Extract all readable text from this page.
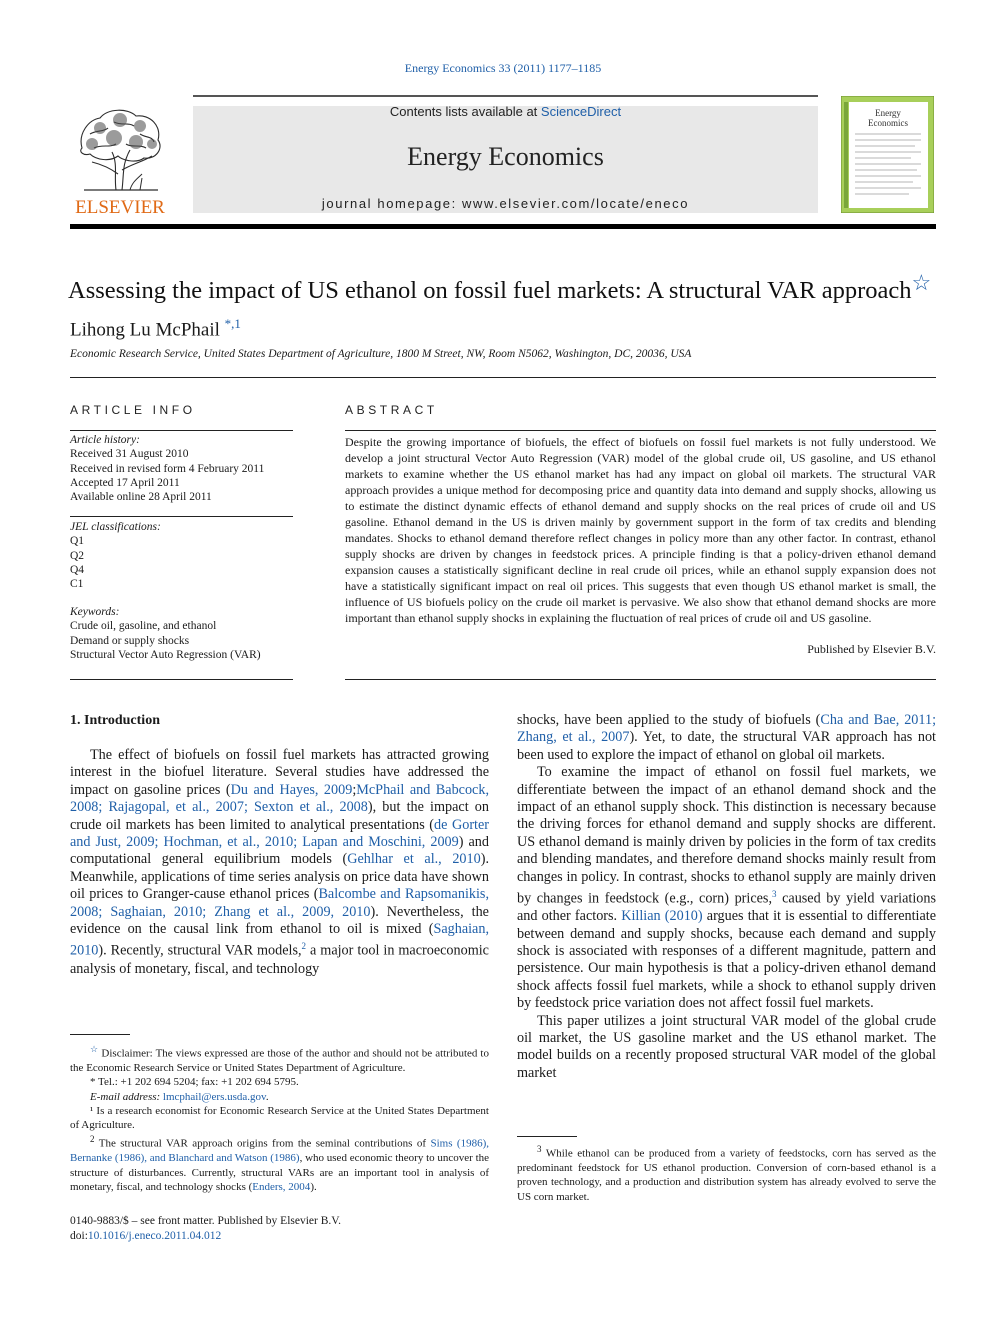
Energy Economics 33 (2011) 1177–1185
Contents lists available at ScienceDirect
Energy Economics
journal homepage: www.elsevier.com/locate/eneco
ELSEVIER
Energy
Economics
Assessing the impact of US ethanol on fossil fuel markets: A structural VAR approach☆
Lihong Lu McPhail $^{*,1}$
Economic Research Service, United States Department of Agriculture, 1800 M Street, NW, Room N5062, Washington, DC, 20036, USA
ARTICLE INFO	ABSTRACT
Article history:
Received 31 August 2010
Received in revised form 4 February 2011
Accepted 17 April 2011
Available online 28 April 2011
JEL classifications:
Q1
Q2
Q4
C1
Keywords:
Crude oil, gasoline, and ethanol
Demand or supply shocks
Structural Vector Auto Regression (VAR)
Despite the growing importance of biofuels, the effect of biofuels on fossil fuel markets is not fully understood. We develop a joint structural Vector Auto Regression (VAR) model of the global crude oil, US gasoline, and US ethanol markets to examine whether the US ethanol market has had any impact on global oil markets. The structural VAR approach provides a unique method for decomposing price and quantity data into demand and supply shocks, allowing us to estimate the distinct dynamic effects of ethanol demand and supply shocks on the real prices of crude oil and US gasoline. Ethanol demand in the US is driven mainly by government support in the form of tax credits and blending mandates. Shocks to ethanol demand therefore reflect changes in policy more than any other factor. In contrast, ethanol supply shocks are driven by changes in feedstock prices. A principle finding is that a policy-driven ethanol demand expansion causes a statistically significant decline in real crude oil prices, while an ethanol supply expansion does not have a statistically significant impact on real oil prices. This suggests that even though US ethanol market is small, the influence of US biofuels policy on the crude oil market is pervasive. We also show that ethanol demand shocks are more important than ethanol supply shocks in explaining the fluctuation of real prices of crude oil and US gasoline.
Published by Elsevier B.V.
1. Introduction

The effect of biofuels on fossil fuel markets has attracted growing interest in the biofuel literature. Several studies have addressed the impact on gasoline prices (Du and Hayes, 2009;McPhail and Babcock, 2008; Rajagopal, et al., 2007; Sexton et al., 2008), but the impact on crude oil markets has been limited to analytical presentations (de Gorter and Just, 2009; Hochman, et al., 2010; Lapan and Moschini, 2009) and computational general equilibrium models (Gehlhar et al., 2010). Meanwhile, applications of time series analysis on price data have shown oil prices to Granger-cause ethanol prices (Balcombe and Rapsomanikis, 2008; Saghaian, 2010; Zhang et al., 2009, 2010). Nevertheless, the evidence on the causal link from ethanol to oil is mixed (Saghaian, 2010). Recently, structural VAR models,$^2$ a major tool in macroeconomic analysis of monetary, fiscal, and technology

shocks, have been applied to the study of biofuels (Cha and Bae, 2011; Zhang, et al., 2007). Yet, to date, the structural VAR approach has not been used to explore the impact of ethanol on global oil markets.

To examine the impact of ethanol on fossil fuel markets, we differentiate between the impact of an ethanol demand shock and the impact of an ethanol supply shock. This distinction is necessary because the driving forces for ethanol demand and supply shocks are different. US ethanol demand is mainly driven by policies in the form of tax credits and blending mandates, and therefore demand shocks mainly result from changes in policy. In contrast, shocks to ethanol supply are mainly driven by changes in feedstock (e.g., corn) prices,$^3$ caused by yield variations and other factors. Killian (2010) argues that it is essential to differentiate between demand and supply shocks, because each demand and supply shock is associated with responses of a different magnitude, pattern and persistence. Our main hypothesis is that a policy-driven ethanol demand shock affects fossil fuel markets, while a shock to ethanol supply driven by feedstock price variation does not affect fossil fuel markets.

This paper utilizes a joint structural VAR model of the global crude oil market, the US gasoline market and the US ethanol market. The model builds on a recently proposed structural VAR model of the global market

☆ Disclaimer: The views expressed are those of the author and should not be attributed to the Economic Research Service or United States Department of Agriculture.

* Tel.: +1 202 694 5204; fax: +1 202 694 5795.

E-mail address: lmcphail@ers.usda.gov.

¹ Is a research economist for Economic Research Service at the United States Department of Agriculture.

$^2$ The structural VAR approach origins from the seminal contributions of Sims (1986), Bernanke (1986), and Blanchard and Watson (1986), who used economic theory to uncover the structure of disturbances. Currently, structural VARs are an important tool in analysis of monetary, fiscal, and technology shocks (Enders, 2004).

$^3$ While ethanol can be produced from a variety of feedstocks, corn has served as the predominant feedstock for US ethanol production. Conversion of corn-based ethanol is a proven technology, and a production and distribution system has already evolved to serve the US corn market.

0140-9883/$ – see front matter. Published by Elsevier B.V.
doi:10.1016/j.eneco.2011.04.012
